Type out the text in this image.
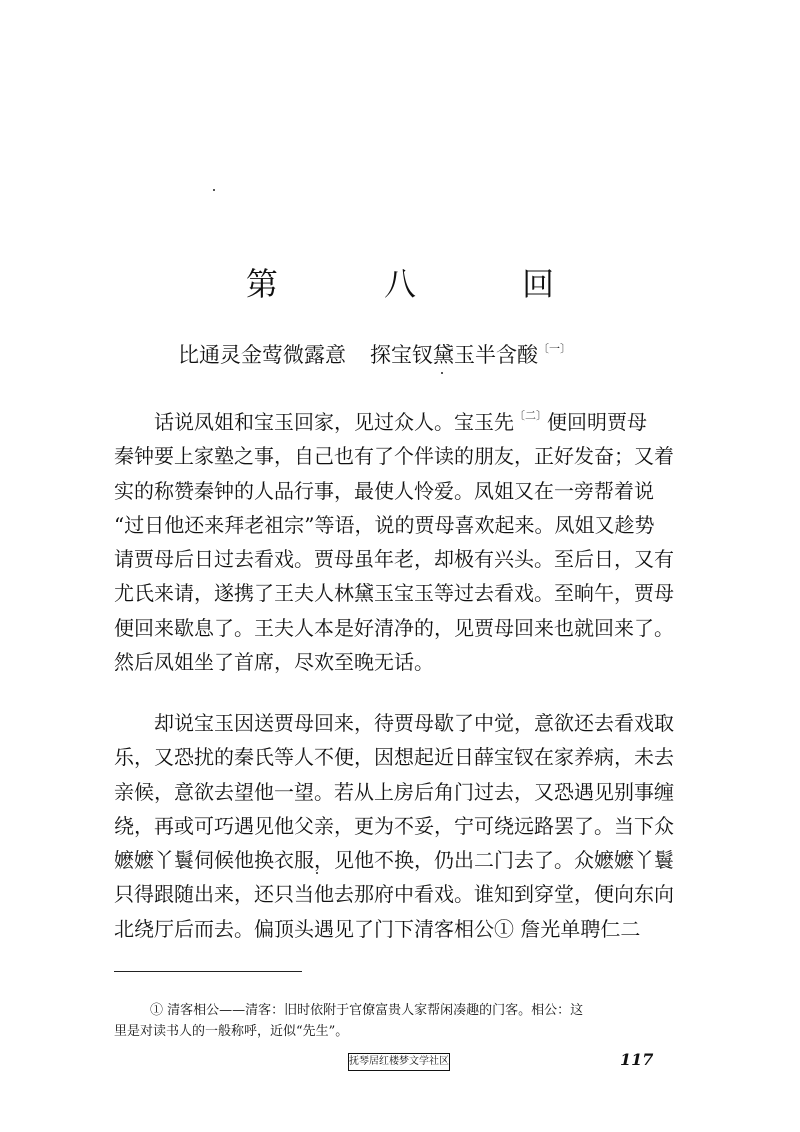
第 八 回
比通灵金莺微露意 探宝钗黛玉半含酸$^{〔一〕}$
话说凤姐和宝玉回家，见过众人。宝玉先$^{〔二〕}$便回明贾母
秦钟要上家塾之事，自己也有了个伴读的朋友，正好发奋；又着
实的称赞秦钟的人品行事，最使人怜爱。凤姐又在一旁帮着说
“过日他还来拜老祖宗”等语，说的贾母喜欢起来。凤姐又趁势
请贾母后日过去看戏。贾母虽年老，却极有兴头。至后日，又有
尤氏来请，遂携了王夫人林黛玉宝玉等过去看戏。至晌午，贾母
便回来歇息了。王夫人本是好清净的，见贾母回来也就回来了。
然后凤姐坐了首席，尽欢至晚无话。
却说宝玉因送贾母回来，待贾母歇了中觉，意欲还去看戏取
乐，又恐扰的秦氏等人不便，因想起近日薛宝钗在家养病，未去
亲候，意欲去望他一望。若从上房后角门过去，又恐遇见别事缠
绕，再或可巧遇见他父亲，更为不妥，宁可绕远路罢了。当下众
嬷嬷丫鬟伺候他换衣服，见他不换，仍出二门去了。众嬷嬷丫鬟
只得跟随出来，还只当他去那府中看戏。谁知到穿堂，便向东向
北绕厅后而去。偏顶头遇见了门下清客相公① 詹光单聘仁二
① 清客相公——清客：旧时依附于官僚富贵人家帮闲凑趣的门客。相公：这
里是对读书人的一般称呼，近似“先生”。
抚琴居红楼梦文学社区	117
